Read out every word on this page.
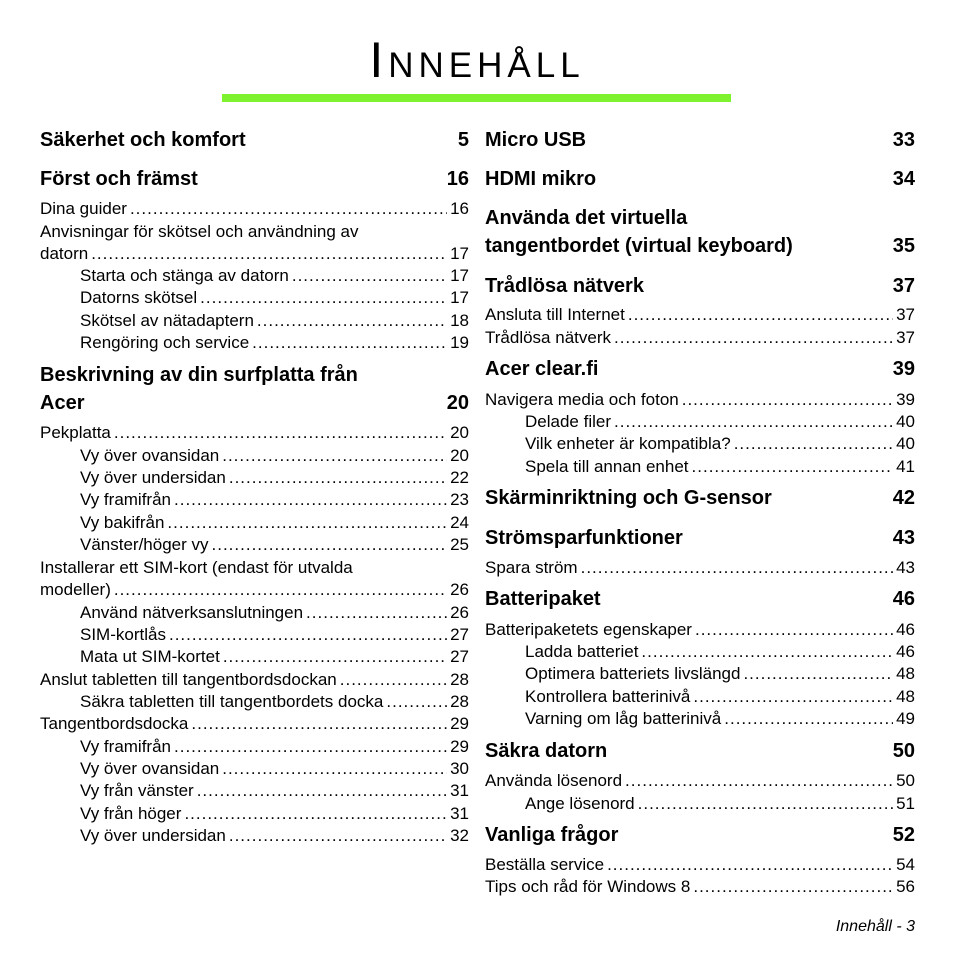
Innehåll
Säkerhet och komfort	5
Först och främst	16
Dina guider .....	16
Anvisningar för skötsel och användning av
datorn .....	17
Starta och stänga av datorn .....	17
Datorns skötsel .....	17
Skötsel av nätadaptern .....	18
Rengöring och service .....	19
Beskrivning av din surfplatta från
Acer	20
Pekplatta .....	20
Vy över ovansidan .....	20
Vy över undersidan .....	22
Vy framifrån .....	23
Vy bakifrån .....	24
Vänster/höger vy .....	25
Installerar ett SIM-kort (endast för utvalda
modeller) .....	26
Använd nätverksanslutningen .....	26
SIM-kortlås .....	27
Mata ut SIM-kortet .....	27
Anslut tabletten till tangentbordsdockan .....	28
Säkra tabletten till tangentbordets docka .....	28
Tangentbordsdocka .....	29
Vy framifrån .....	29
Vy över ovansidan .....	30
Vy från vänster .....	31
Vy från höger .....	31
Vy över undersidan .....	32
Micro USB	33
HDMI mikro	34
Använda det virtuella
tangentbordet (virtual keyboard)	35
Trådlösa nätverk	37
Ansluta till Internet .....	37
Trådlösa nätverk .....	37
Acer clear.fi	39
Navigera media och foton .....	39
Delade filer .....	40
Vilk enheter är kompatibla? .....	40
Spela till annan enhet .....	41
Skärminriktning och G-sensor	42
Strömsparfunktioner	43
Spara ström .....	43
Batteripaket	46
Batteripaketets egenskaper .....	46
Ladda batteriet .....	46
Optimera batteriets livslängd .....	48
Kontrollera batterinivå .....	48
Varning om låg batterinivå .....	49
Säkra datorn	50
Använda lösenord .....	50
Ange lösenord .....	51
Vanliga frågor	52
Beställa service .....	54
Tips och råd för Windows 8 .....	56
Innehåll - 3
